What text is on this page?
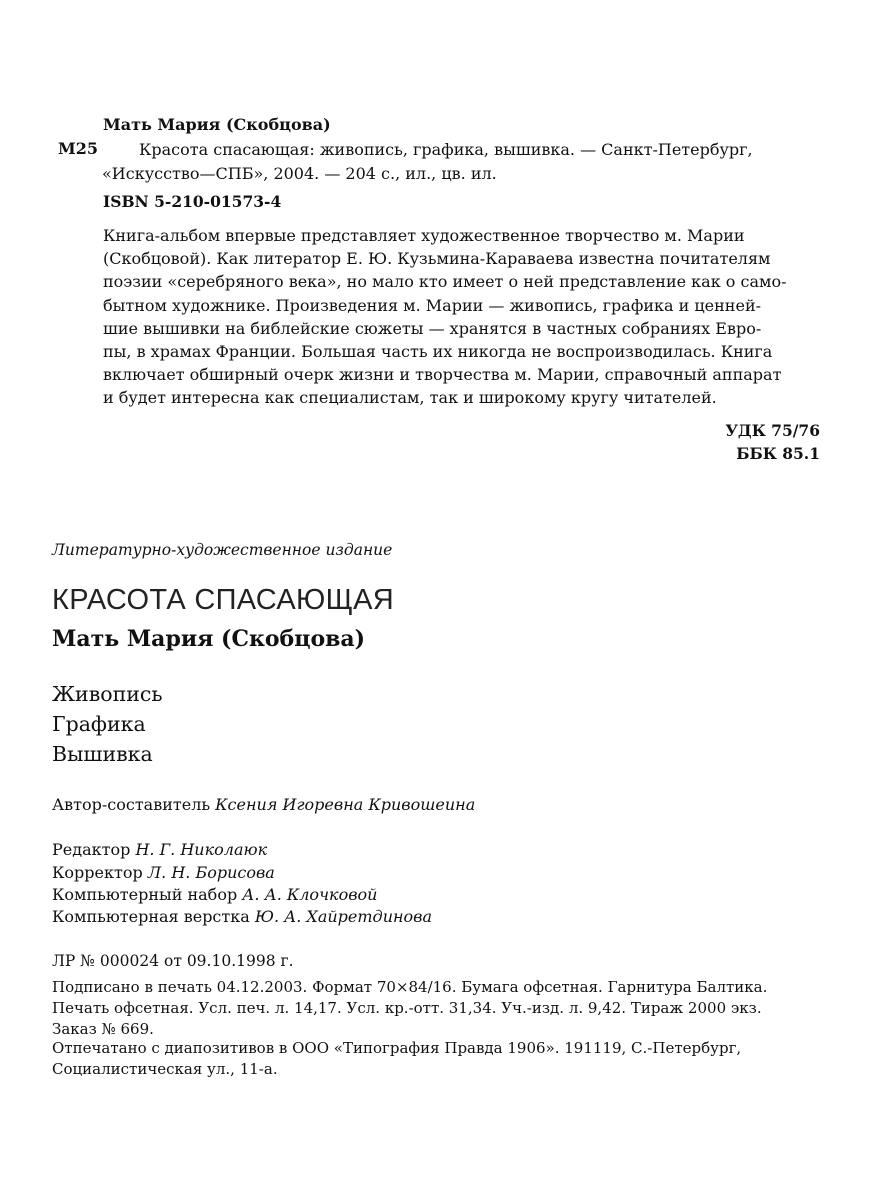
Мать Мария (Скобцова)
М25	Красота спасающая: живопись, графика, вышивка. — Санкт-Петербург,
«Искусство—СПБ», 2004. — 204 с., ил., цв. ил.
ISBN 5-210-01573-4
Книга-альбом впервые представляет художественное творчество м. Марии
(Скобцовой). Как литератор Е. Ю. Кузьмина-Караваева известна почитателям
поэзии «серебряного века», но мало кто имеет о ней представление как о само-
бытном художнике. Произведения м. Марии — живопись, графика и ценней-
шие вышивки на библейские сюжеты — хранятся в частных собраниях Евро-
пы, в храмах Франции. Большая часть их никогда не воспроизводилась. Книга
включает обширный очерк жизни и творчества м. Марии, справочный аппарат
и будет интересна как специалистам, так и широкому кругу читателей.
УДК 75/76
ББК 85.1
Литературно-художественное издание
КРАСОТА СПАСАЮЩАЯ
Мать Мария (Скобцова)
Живопись
Графика
Вышивка
Автор-составитель Ксения Игоревна Кривошеина
Редактор Н. Г. Николаюк
Корректор Л. Н. Борисова
Компьютерный набор А. А. Клочковой
Компьютерная верстка Ю. А. Хайретдинова
ЛР № 000024 от 09.10.1998 г.
Подписано в печать 04.12.2003. Формат 70×84/16. Бумага офсетная. Гарнитура Балтика.
Печать офсетная. Усл. печ. л. 14,17. Усл. кр.-отт. 31,34. Уч.-изд. л. 9,42. Тираж 2000 экз.
Заказ № 669.
Отпечатано с диапозитивов в ООО «Типография Правда 1906». 191119, С.-Петербург,
Социалистическая ул., 11-а.
